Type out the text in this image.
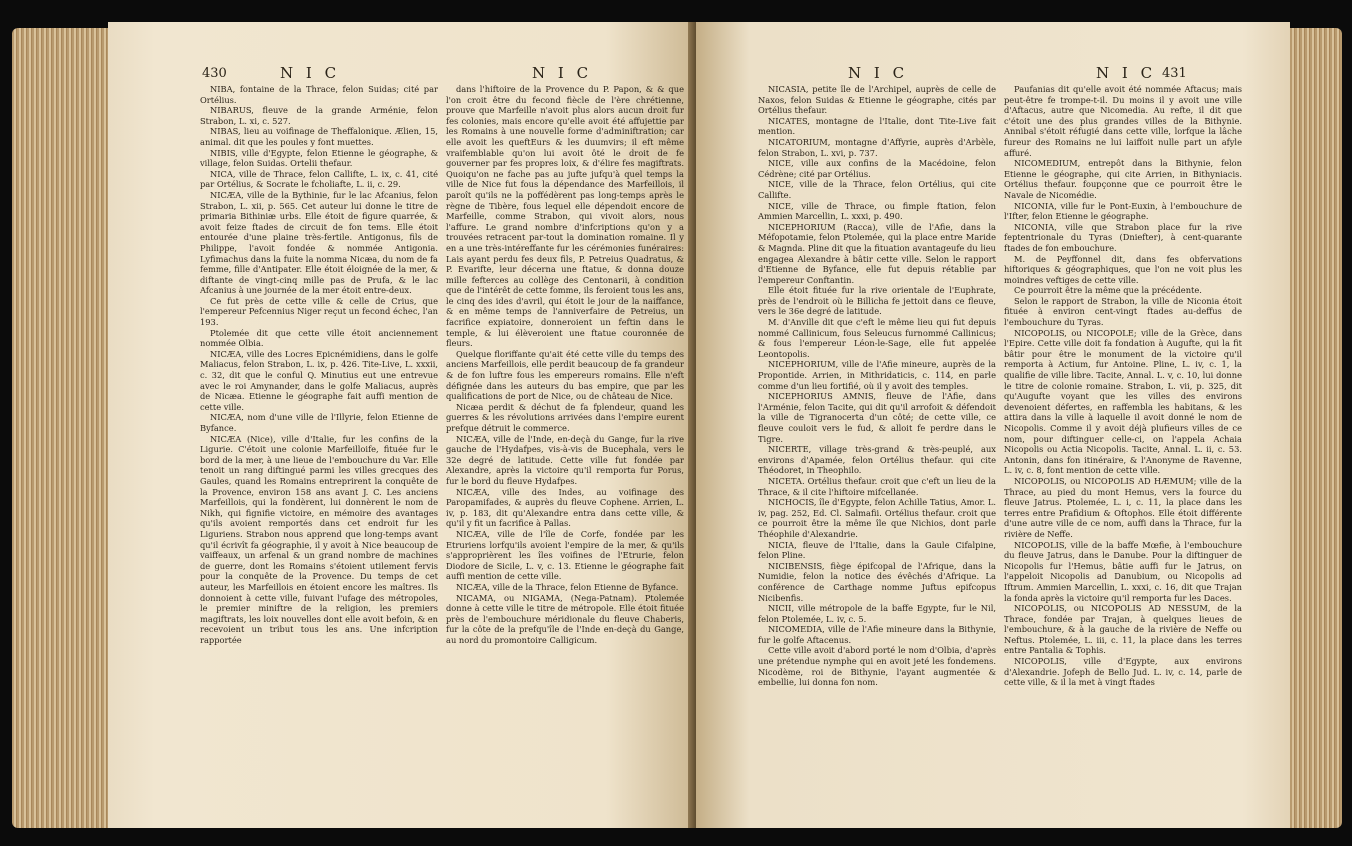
430	N I C	N I C

NIBA, fontaine de la Thrace, felon Suidas; cité par Ortélius.

NIBARUS, fleuve de la grande Arménie, felon Strabon, L. xi, c. 527.

NIBAS, lieu au voifinage de Theffalonique. Ælien, 15, animal. dit que les poules y font muettes.

NIBIS, ville d'Egypte, felon Etienne le géographe, & village, felon Suidas. Ortelii thefaur.

NICA, ville de Thrace, felon Callifte, L. ix, c. 41, cité par Ortélius, & Socrate le fcholiafte, L. ii, c. 29.

NICÆA, ville de la Bythinie, fur le lac Afcanius, felon Strabon, L. xii, p. 565. Cet auteur lui donne le titre de primaria Bithiniæ urbs. Elle étoit de figure quarrée, & avoit feize ftades de circuit de fon tems. Elle étoit entourée d'une plaine très-fertile. Antigonus, fils de Philippe, l'avoit fondée & nommée Antigonia. Lyfimachus dans la fuite la nomma Nicæa, du nom de fa femme, fille d'Antipater. Elle étoit éloignée de la mer, & diftante de vingt-cinq mille pas de Prufa, & le lac Afcanius à une journée de la mer étoit entre-deux.

Ce fut près de cette ville & celle de Crius, que l'empereur Pefcennius Niger reçut un fecond échec, l'an 193.

Ptolemée dit que cette ville étoit anciennement nommée Olbia.

NICÆA, ville des Locres Epicnémidiens, dans le golfe Maliacus, felon Strabon, L. ix, p. 426. Tite-Live, L. xxxii, c. 32, dit que le conful Q. Minutius eut une entrevue avec le roi Amynander, dans le golfe Maliacus, auprès de Nicæa. Etienne le géographe fait auffi mention de cette ville.

NICÆA, nom d'une ville de l'Illyrie, felon Etienne de Byfance.

NICÆA (Nice), ville d'Italie, fur les confins de la Ligurie. C'étoit une colonie Marfeilloife, fituée fur le bord de la mer, à une lieue de l'embouchure du Var. Elle tenoit un rang diftingué parmi les villes grecques des Gaules, quand les Romains entreprirent la conquête de la Provence, environ 158 ans avant J. C. Les anciens Marfeillois, qui la fondèrent, lui donnèrent le nom de Nikh, qui fignifie victoire, en mémoire des avantages qu'ils avoient remportés dans cet endroit fur les Liguriens. Strabon nous apprend que long-temps avant qu'il écrivît fa géographie, il y avoit à Nice beaucoup de vaiffeaux, un arfenal & un grand nombre de machines de guerre, dont les Romains s'étoient utilement fervis pour la conquête de la Provence. Du temps de cet auteur, les Marfeillois en étoient encore les maîtres. Ils donnoient à cette ville, fuivant l'ufage des métropoles, le premier miniftre de la religion, les premiers magiftrats, les loix nouvelles dont elle avoit befoin, & en recevoient un tribut tous les ans. Une infcription rapportée

dans l'hiftoire de la Provence du P. Papon, & & que l'on croit être du fecond fiècle de l'ère chrétienne, prouve que Marfeille n'avoit plus alors aucun droit fur fes colonies, mais encore qu'elle avoit été affujettie par les Romains à une nouvelle forme d'adminiftration; car elle avoit les queftEurs & les duumvirs; il eft même vraifemblable qu'on lui avoit ôté le droit de fe gouverner par fes propres loix, & d'élire fes magiftrats. Quoiqu'on ne fache pas au jufte jufqu'à quel temps la ville de Nice fut fous la dépendance des Marfeillois, il paroît qu'ils ne la poffédèrent pas long-temps après le règne de Tibère, fous lequel elle dépendoit encore de Marfeille, comme Strabon, qui vivoit alors, nous l'affure. Le grand nombre d'infcriptions qu'on y a trouvées retracent par-tout la domination romaine. Il y en a une très-intéreffante fur les cérémonies funéraires: Lais ayant perdu fes deux fils, P. Petreius Quadratus, & P. Evarifte, leur décerna une ftatue, & donna douze mille fefterces au collège des Centonarii, à condition que de l'intérêt de cette fomme, ils feroient tous les ans, le cinq des ides d'avril, qui étoit le jour de la naiffance, & en même temps de l'anniverfaire de Petreius, un facrifice expiatoire, donneroient un feftin dans le temple, & lui élèveroient une ftatue couronnée de fleurs.

Quelque floriffante qu'ait été cette ville du temps des anciens Marfeillois, elle perdit beaucoup de fa grandeur & de fon luftre fous les empereurs romains. Elle n'eft défignée dans les auteurs du bas empire, que par les qualifications de port de Nice, ou de château de Nice.

Nicæa perdit & déchut de fa fplendeur, quand les guerres & les révolutions arrivées dans l'empire eurent prefque détruit le commerce.

NICÆA, ville de l'Inde, en-deçà du Gange, fur la rive gauche de l'Hydafpes, vis-à-vis de Bucephala, vers le 32e degré de latitude. Cette ville fut fondée par Alexandre, après la victoire qu'il remporta fur Porus, fur le bord du fleuve Hydafpes.

NICÆA, ville des Indes, au voifinage des Paropamifades, & auprès du fleuve Cophene. Arrien, L. iv, p. 183, dit qu'Alexandre entra dans cette ville, & qu'il y fit un facrifice à Pallas.

NICÆA, ville de l'île de Corfe, fondée par les Etruriens lorfqu'ils avoient l'empire de la mer, & qu'ils s'approprièrent les îles voifines de l'Etrurie, felon Diodore de Sicile, L. v, c. 13. Etienne le géographe fait auffi mention de cette ville.

NICÆA, ville de la Thrace, felon Etienne de Byfance.

NICAMA, ou NIGAMA, (Nega-Patnam). Ptolemée donne à cette ville le titre de métropole. Elle étoit fituée près de l'embouchure méridionale du fleuve Chaberis, fur la côte de la prefqu'île de l'Inde en-deçà du Gange, au nord du promontoire Calligicum.

N I C	N I C 431

NICASIA, petite île de l'Archipel, auprès de celle de Naxos, felon Suidas & Etienne le géographe, cités par Ortélius thefaur.

NICATES, montagne de l'Italie, dont Tite-Live fait mention.

NICATORIUM, montagne d'Affyrie, auprès d'Arbèle, felon Strabon, L. xvi, p. 737.

NICE, ville aux confins de la Macédoine, felon Cédrène; cité par Ortélius.

NICE, ville de la Thrace, felon Ortélius, qui cite Callifte.

NICE, ville de Thrace, ou fimple ftation, felon Ammien Marcellin, L. xxxi, p. 490.

NICEPHORIUM (Racca), ville de l'Afie, dans la Méfopotamie, felon Ptolemée, qui la place entre Maride & Magnda. Pline dit que la fituation avantageufe du lieu engagea Alexandre à bâtir cette ville. Selon le rapport d'Etienne de Byfance, elle fut depuis rétablie par l'empereur Conftantin.

Elle étoit fituée fur la rive orientale de l'Euphrate, près de l'endroit où le Billicha fe jettoit dans ce fleuve, vers le 36e degré de latitude.

M. d'Anville dit que c'eft le même lieu qui fut depuis nommé Callinicum, fous Seleucus furnommé Callinicus; & fous l'empereur Léon-le-Sage, elle fut appelée Leontopolis.

NICEPHORIUM, ville de l'Afie mineure, auprès de la Propontide. Arrien, in Mithridaticis, c. 114, en parle comme d'un lieu fortifié, où il y avoit des temples.

NICEPHORIUS AMNIS, fleuve de l'Afie, dans l'Arménie, felon Tacite, qui dit qu'il arrofoit & défendoit la ville de Tigranocerta d'un côté; de cette ville, ce fleuve couloit vers le fud, & alloit fe perdre dans le Tigre.

NICERTE, village très-grand & très-peuplé, aux environs d'Apamée, felon Ortélius thefaur. qui cite Théodoret, in Theophilo.

NICETA. Ortélius thefaur. croit que c'eft un lieu de la Thrace, & il cite l'hiftoire mifcellanée.

NICHOCIS, île d'Egypte, felon Achille Tatius, Amor. L. iv, pag. 252, Ed. Cl. Salmafii. Ortélius thefaur. croit que ce pourroit être la même île que Nichios, dont parle Théophile d'Alexandrie.

NICIA, fleuve de l'Italie, dans la Gaule Cifalpine, felon Pline.

NICIBENSIS, fiège épifcopal de l'Afrique, dans la Numidie, felon la notice des évêchés d'Afrique. La conférence de Carthage nomme Juftus epifcopus Nicibenfis.

NICII, ville métropole de la baffe Egypte, fur le Nil, felon Ptolemée, L. iv, c. 5.

NICOMEDIA, ville de l'Afie mineure dans la Bithynie, fur le golfe Aftacenus.

Cette ville avoit d'abord porté le nom d'Olbia, d'après une prétendue nymphe qui en avoit jeté les fondemens. Nicodème, roi de Bithynie, l'ayant augmentée & embellie, lui donna fon nom.

Paufanias dit qu'elle avoit été nommée Aftacus; mais peut-être fe trompe-t-il. Du moins il y avoit une ville d'Aftacus, autre que Nicomedia. Au refte, il dit que c'étoit une des plus grandes villes de la Bithynie. Annibal s'étoit réfugié dans cette ville, lorfque la lâche fureur des Romains ne lui laiffoit nulle part un afyle affuré.

NICOMEDIUM, entrepôt dans la Bithynie, felon Etienne le géographe, qui cite Arrien, in Bithyniacis. Ortélius thefaur. foupçonne que ce pourroit être le Navale de Nicomédie.

NICONIA, ville fur le Pont-Euxin, à l'embouchure de l'Ifter, felon Etienne le géographe.

NICONIA, ville que Strabon place fur la rive feptentrionale du Tyras (Dniefter), à cent-quarante ftades de fon embouchure.

M. de Peyffonnel dit, dans fes obfervations hiftoriques & géographiques, que l'on ne voit plus les moindres veftiges de cette ville.

Ce pourroit être la même que la précédente.

Selon le rapport de Strabon, la ville de Niconia étoit fituée à environ cent-vingt ftades au-deffus de l'embouchure du Tyras.

NICOPOLIS, ou NICOPOLE; ville de la Grèce, dans l'Epire. Cette ville doit fa fondation à Augufte, qui la fit bâtir pour être le monument de la victoire qu'il remporta à Actium, fur Antoine. Pline, L. iv, c. 1, la qualifie de ville libre. Tacite, Annal. L. v, c. 10, lui donne le titre de colonie romaine. Strabon, L. vii, p. 325, dit qu'Augufte voyant que les villes des environs devenoient défertes, en raffembla les habitans, & les attira dans la ville à laquelle il avoit donné le nom de Nicopolis. Comme il y avoit déjà plufieurs villes de ce nom, pour diftinguer celle-ci, on l'appela Achaia Nicopolis ou Actia Nicopolis. Tacite, Annal. L. ii, c. 53. Antonin, dans fon itinéraire, & l'Anonyme de Ravenne, L. iv, c. 8, font mention de cette ville.

NICOPOLIS, ou NICOPOLIS AD HÆMUM; ville de la Thrace, au pied du mont Hemus, vers la fource du fleuve Jatrus. Ptolemée, L. i, c. 11, la place dans les terres entre Prafidium & Oftophos. Elle étoit différente d'une autre ville de ce nom, auffi dans la Thrace, fur la rivière de Neffe.

NICOPOLIS, ville de la baffe Mœfie, à l'embouchure du fleuve Jatrus, dans le Danube. Pour la diftinguer de Nicopolis fur l'Hemus, bâtie auffi fur le Jatrus, on l'appeloit Nicopolis ad Danubium, ou Nicopolis ad Iftrum. Ammien Marcellin, L. xxxi, c. 16, dit que Trajan la fonda après la victoire qu'il remporta fur les Daces.

NICOPOLIS, ou NICOPOLIS AD NESSUM, de la Thrace, fondée par Trajan, à quelques lieues de l'embouchure, & à la gauche de la rivière de Neffe ou Neftus. Ptolemée, L. iii, c. 11, la place dans les terres entre Pantalia & Tophis.

NICOPOLIS, ville d'Egypte, aux environs d'Alexandrie. Jofeph de Bello Jud. L. iv, c. 14, parle de cette ville, & il la met à vingt ftades
